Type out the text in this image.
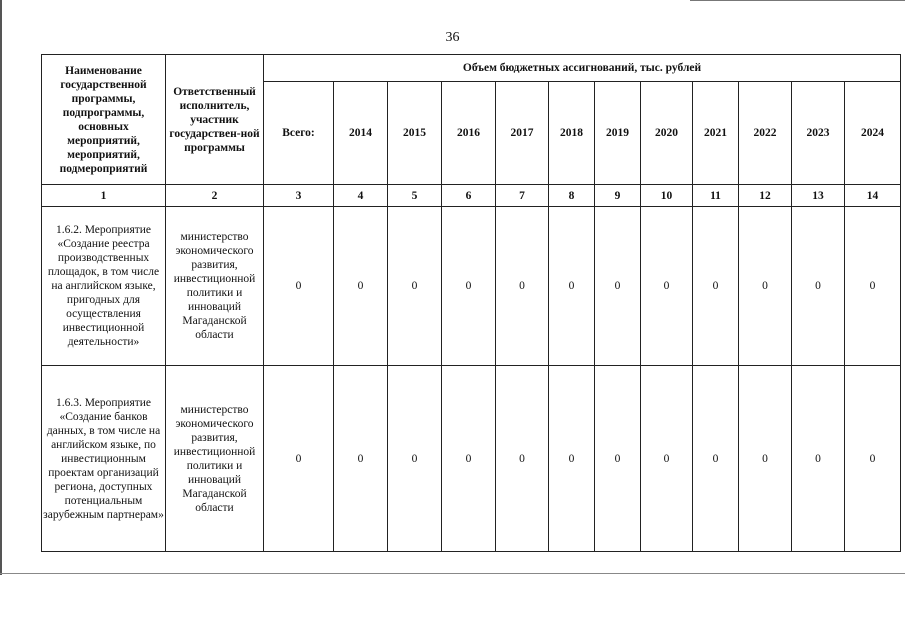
36
Наименование государственной программы, подпрограммы, основных мероприятий, мероприятий, подмероприятий	Ответственный исполнитель, участник государствен-ной программы	Объем бюджетных ассигнований, тыс. рублей											
		Всего:	2014	2015	2016	2017	2018	2019	2020	2021	2022	2023	2024
1	2	3	4	5	6	7	8	9	10	11	12	13	14
1.6.2. Мероприятие «Создание реестра производственных площадок, в том числе на английском языке, пригодных для осуществления инвестиционной деятельности»	министерство экономического развития, инвестиционной политики и инноваций Магаданской области	0	0	0	0	0	0	0	0	0	0	0	0
1.6.3. Мероприятие «Создание банков данных, в том числе на английском языке, по инвестиционным проектам организаций региона, доступных потенциальным зарубежным партнерам»	министерство экономического развития, инвестиционной политики и инноваций Магаданской области	0	0	0	0	0	0	0	0	0	0	0	0
